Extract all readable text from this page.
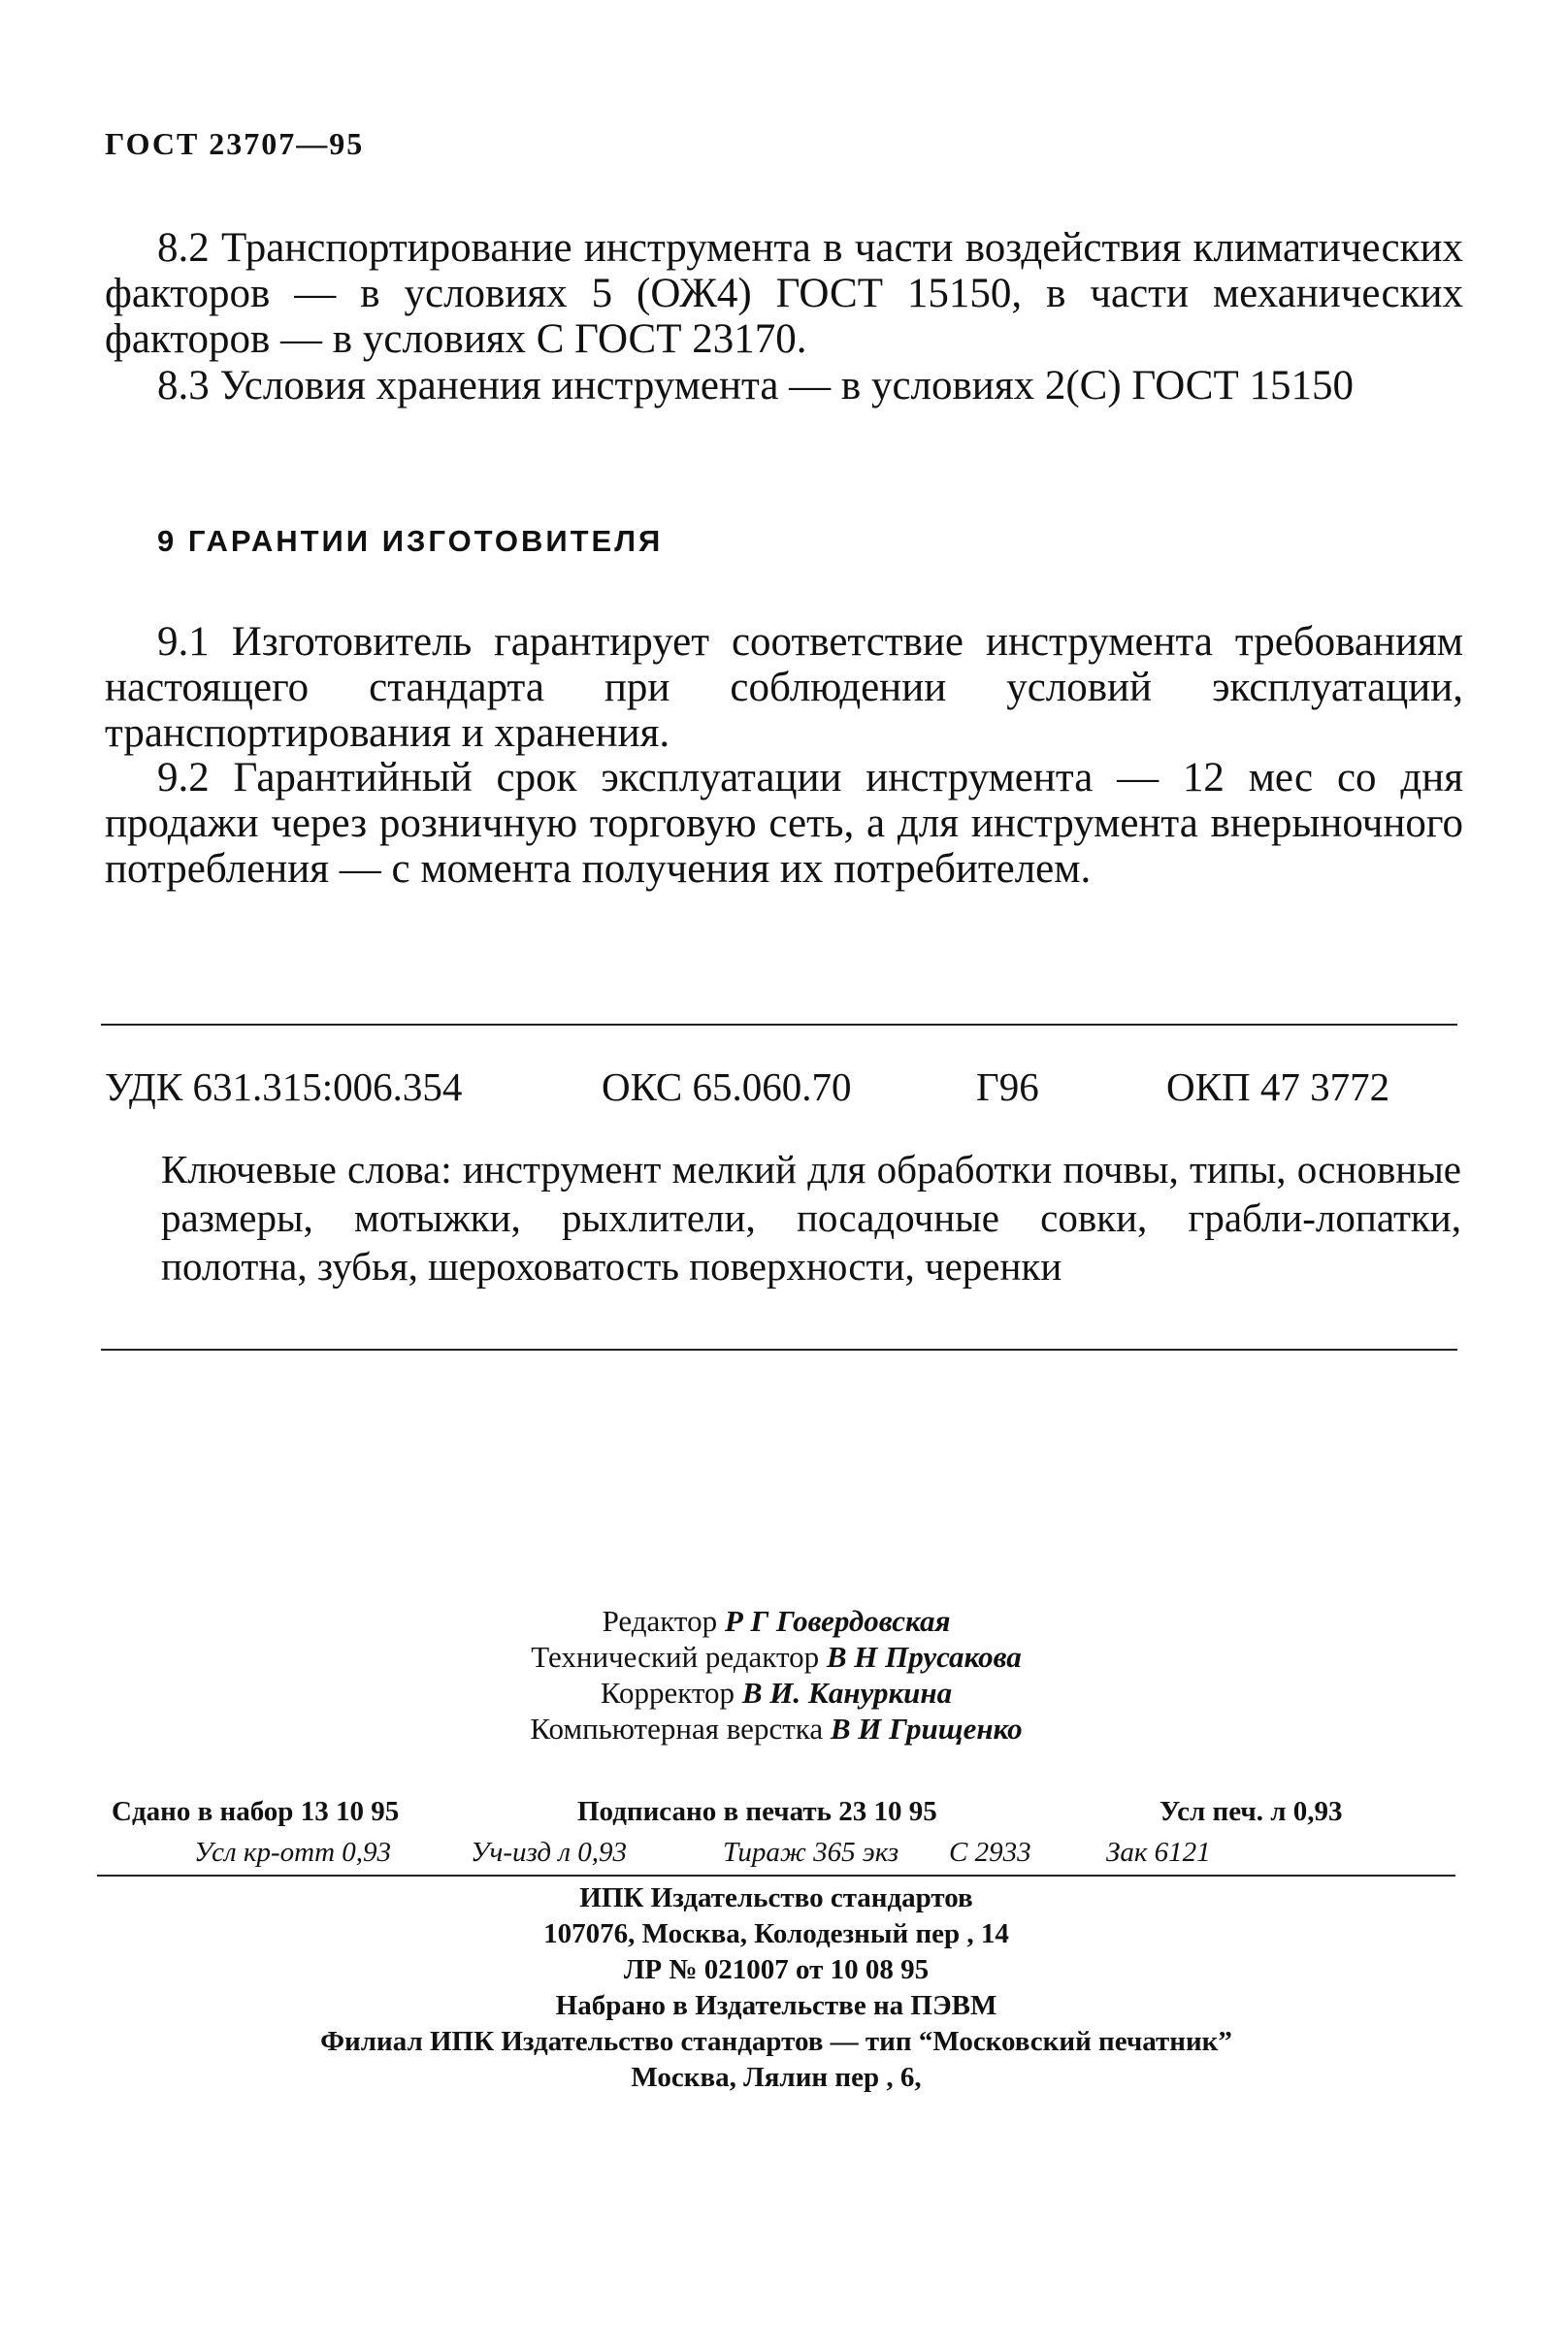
ГОСТ 23707—95
8.2 Транспортирование инструмента в части воздействия климатических факторов — в условиях 5 (ОЖ4) ГОСТ 15150, в части механических факторов — в условиях С ГОСТ 23170.
8.3 Условия хранения инструмента — в условиях 2(С) ГОСТ 15150
9 ГАРАНТИИ ИЗГОТОВИТЕЛЯ
9.1 Изготовитель гарантирует соответствие инструмента требованиям настоящего стандарта при соблюдении условий эксплуатации, транспортирования и хранения.
9.2 Гарантийный срок эксплуатации инструмента — 12 мес со дня продажи через розничную торговую сеть, а для инструмента внерыночного потребления — с момента получения их потребителем.
УДК 631.315:006.354	ОКС 65.060.70	Г96	ОКП 47 3772
Ключевые слова: инструмент мелкий для обработки почвы, типы, основные размеры, мотыжки, рыхлители, посадочные совки, грабли-лопатки, полотна, зубья, шероховатость поверхности, черенки
Редактор Р Г Говердовская
Технический редактор В Н Прусакова
Корректор В И. Кануркина
Компьютерная верстка В И Грищенко
Сдано в набор 13 10 95	Подписано в печать 23 10 95	Усл печ. л 0,93
Усл кр-отт 0,93	Уч-изд л 0,93	Тираж 365 экз С 2933	Зак 6121
ИПК Издательство стандартов
107076, Москва, Колодезный пер , 14
ЛР № 021007 от 10 08 95
Набрано в Издательстве на ПЭВМ
Филиал ИПК Издательство стандартов — тип “Московский печатник”
Москва, Лялин пер , 6,
